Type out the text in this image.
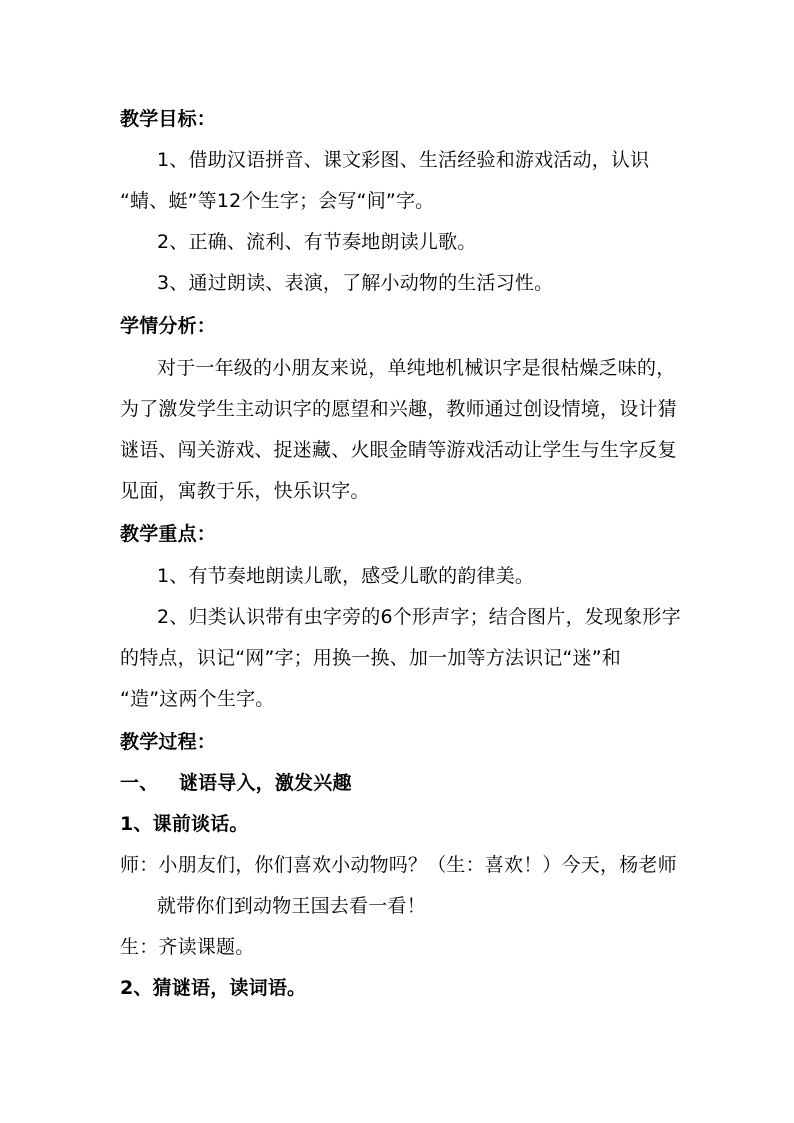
教学目标：
1、借助汉语拼音、课文彩图、生活经验和游戏活动，认识
“蜻、蜓”等12个生字；会写“间”字。
2、正确、流利、有节奏地朗读儿歌。
3、通过朗读、表演，了解小动物的生活习性。
学情分析：
对于一年级的小朋友来说，单纯地机械识字是很枯燥乏味的，
为了激发学生主动识字的愿望和兴趣，教师通过创设情境，设计猜
谜语、闯关游戏、捉迷藏、火眼金睛等游戏活动让学生与生字反复
见面，寓教于乐，快乐识字。
教学重点：
1、有节奏地朗读儿歌，感受儿歌的韵律美。
2、归类认识带有虫字旁的6个形声字；结合图片，发现象形字
的特点，识记“网”字；用换一换、加一加等方法识记“迷”和
“造”这两个生字。
教学过程：
一、   谜语导入，激发兴趣
1、课前谈话。
师：小朋友们，你们喜欢小动物吗？（生：喜欢！）今天，杨老师
就带你们到动物王国去看一看！
生：齐读课题。
2、猜谜语，读词语。
